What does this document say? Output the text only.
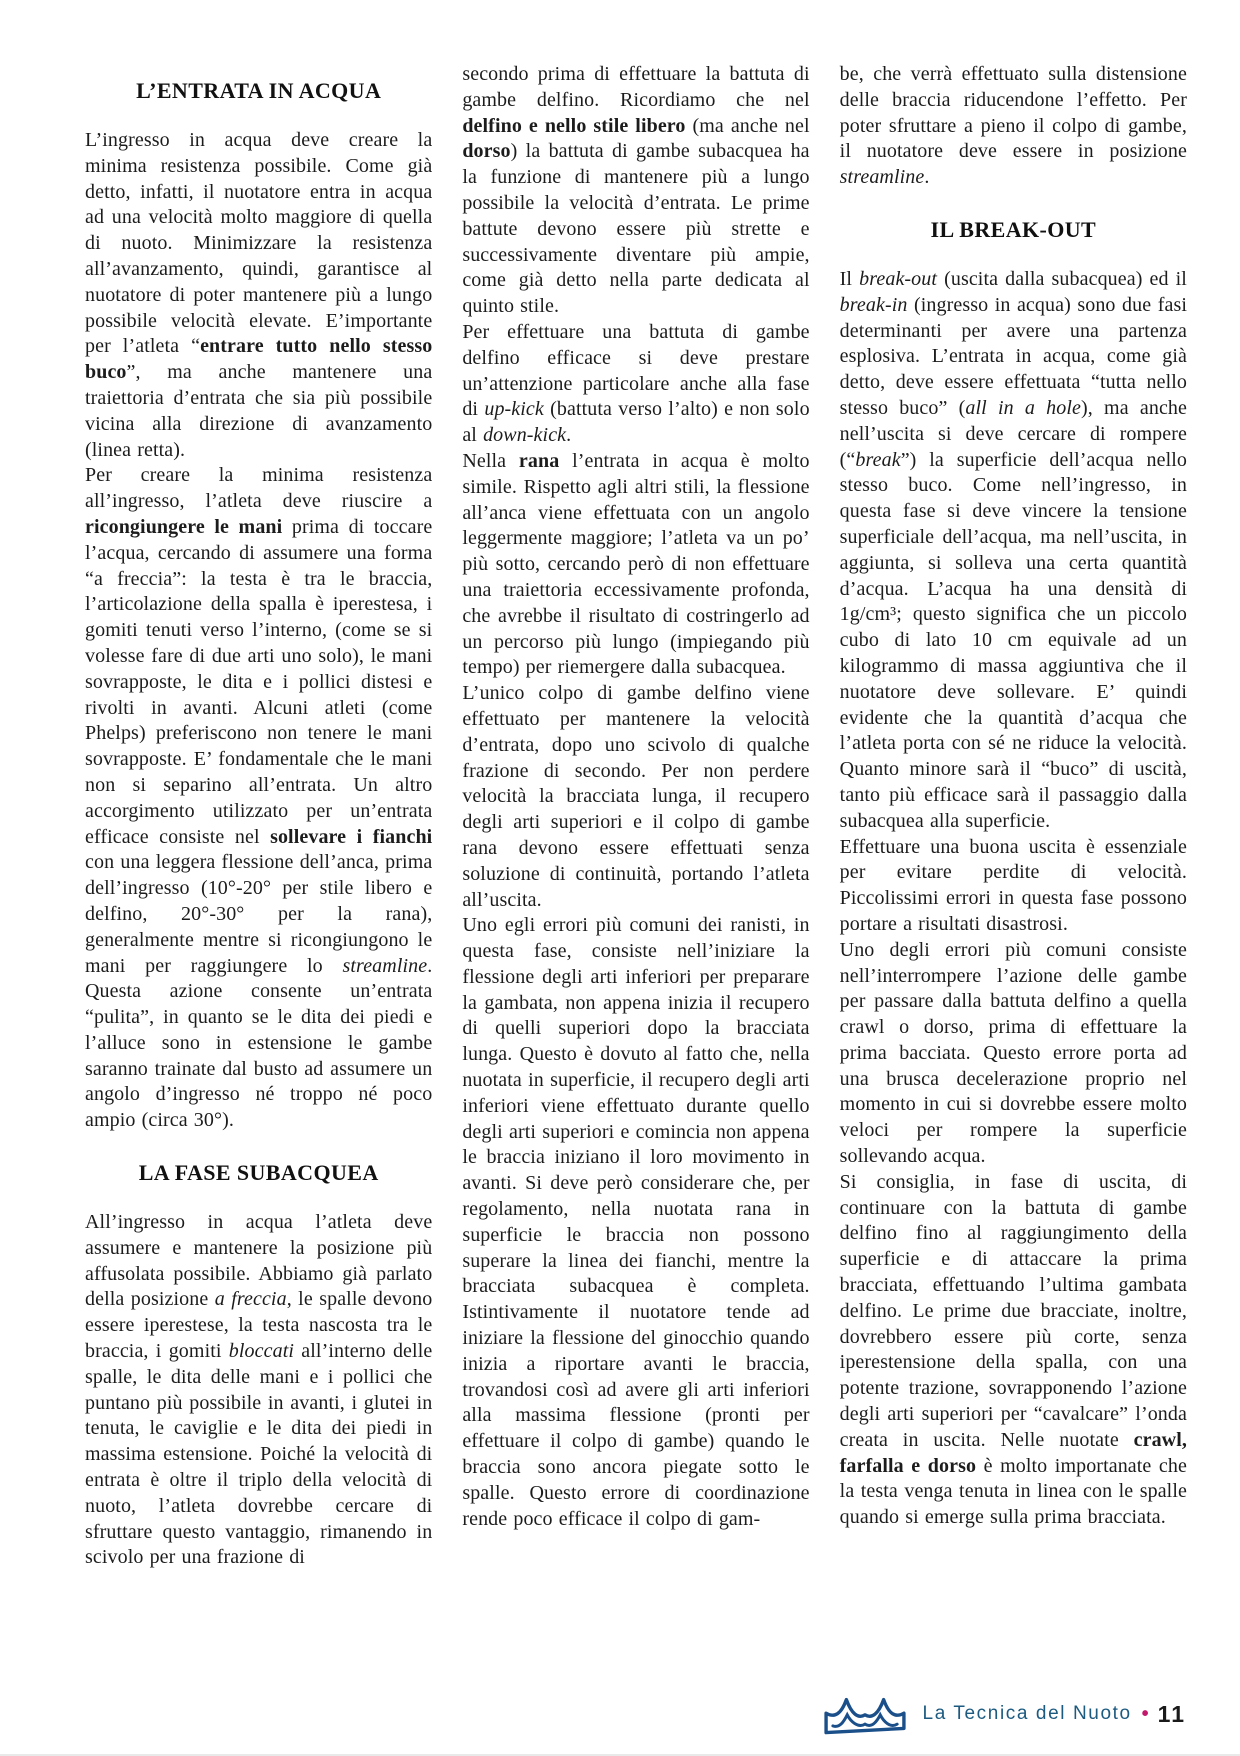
L’ENTRATA IN ACQUA

L’ingresso in acqua deve creare la minima resistenza possibile. Come già detto, infatti, il nuotatore entra in acqua ad una velocità molto maggiore di quella di nuoto. Minimizzare la resistenza all’avanzamento, quindi, garantisce al nuotatore di poter mantenere più a lungo possibile velocità elevate. E’importante per l’atleta “entrare tutto nello stesso buco”, ma anche mantenere una traiettoria d’entrata che sia più possibile vicina alla direzione di avanzamento (linea retta).

Per creare la minima resistenza all’ingresso, l’atleta deve riuscire a ricongiungere le mani prima di toccare l’acqua, cercando di assumere una forma “a freccia”: la testa è tra le braccia, l’articolazione della spalla è iperestesa, i gomiti tenuti verso l’interno, (come se si volesse fare di due arti uno solo), le mani sovrapposte, le dita e i pollici distesi e rivolti in avanti. Alcuni atleti (come Phelps) preferiscono non tenere le mani sovrapposte. E’ fondamentale che le mani non si separino all’entrata. Un altro accorgimento utilizzato per un’entrata efficace consiste nel sollevare i fianchi con una leggera flessione dell’anca, prima dell’ingresso (10°-20° per stile libero e delfino, 20°-30° per la rana), generalmente mentre si ricongiungono le mani per raggiungere lo streamline. Questa azione consente un’entrata “pulita”, in quanto se le dita dei piedi e l’alluce sono in estensione le gambe saranno trainate dal busto ad assumere un angolo d’ingresso né troppo né poco ampio (circa 30°).

LA FASE SUBACQUEA

All’ingresso in acqua l’atleta deve assumere e mantenere la posizione più affusolata possibile. Abbiamo già parlato della posizione a freccia, le spalle devono essere iperestese, la testa nascosta tra le braccia, i gomiti bloccati all’interno delle spalle, le dita delle mani e i pollici che puntano più possibile in avanti, i glutei in tenuta, le caviglie e le dita dei piedi in massima estensione. Poiché la velocità di entrata è oltre il triplo della velocità di nuoto, l’atleta dovrebbe cercare di sfruttare questo vantaggio, rimanendo in scivolo per una frazione di

secondo prima di effettuare la battuta di gambe delfino. Ricordiamo che nel delfino e nello stile libero (ma anche nel dorso) la battuta di gambe subacquea ha la funzione di mantenere più a lungo possibile la velocità d’entrata. Le prime battute devono essere più strette e successivamente diventare più ampie, come già detto nella parte dedicata al quinto stile.

Per effettuare una battuta di gambe delfino efficace si deve prestare un’attenzione particolare anche alla fase di up-kick (battuta verso l’alto) e non solo al down-kick.

Nella rana l’entrata in acqua è molto simile. Rispetto agli altri stili, la flessione all’anca viene effettuata con un angolo leggermente maggiore; l’atleta va un po’ più sotto, cercando però di non effettuare una traiettoria eccessivamente profonda, che avrebbe il risultato di costringerlo ad un percorso più lungo (impiegando più tempo) per riemergere dalla subacquea.

L’unico colpo di gambe delfino viene effettuato per mantenere la velocità d’entrata, dopo uno scivolo di qualche frazione di secondo. Per non perdere velocità la bracciata lunga, il recupero degli arti superiori e il colpo di gambe rana devono essere effettuati senza soluzione di continuità, portando l’atleta all’uscita.

Uno egli errori più comuni dei ranisti, in questa fase, consiste nell’iniziare la flessione degli arti inferiori per preparare la gambata, non appena inizia il recupero di quelli superiori dopo la bracciata lunga. Questo è dovuto al fatto che, nella nuotata in superficie, il recupero degli arti inferiori viene effettuato durante quello degli arti superiori e comincia non appena le braccia iniziano il loro movimento in avanti. Si deve però considerare che, per regolamento, nella nuotata rana in superficie le braccia non possono superare la linea dei fianchi, mentre la bracciata subacquea è completa. Istintivamente il nuotatore tende ad iniziare la flessione del ginocchio quando inizia a riportare avanti le braccia, trovandosi così ad avere gli arti inferiori alla massima flessione (pronti per effettuare il colpo di gambe) quando le braccia sono ancora piegate sotto le spalle. Questo errore di coordinazione rende poco efficace il colpo di gam-

be, che verrà effettuato sulla distensione delle braccia riducendone l’effetto. Per poter sfruttare a pieno il colpo di gambe, il nuotatore deve essere in posizione streamline.

IL BREAK-OUT

Il break-out (uscita dalla subacquea) ed il break-in (ingresso in acqua) sono due fasi determinanti per avere una partenza esplosiva. L’entrata in acqua, come già detto, deve essere effettuata “tutta nello stesso buco” (all in a hole), ma anche nell’uscita si deve cercare di rompere (“break”) la superficie dell’acqua nello stesso buco. Come nell’ingresso, in questa fase si deve vincere la tensione superficiale dell’acqua, ma nell’uscita, in aggiunta, si solleva una certa quantità d’acqua. L’acqua ha una densità di 1g/cm³; questo significa che un piccolo cubo di lato 10 cm equivale ad un kilogrammo di massa aggiuntiva che il nuotatore deve sollevare. E’ quindi evidente che la quantità d’acqua che l’atleta porta con sé ne riduce la velocità. Quanto minore sarà il “buco” di uscità, tanto più efficace sarà il passaggio dalla subacquea alla superficie.

Effettuare una buona uscita è essenziale per evitare perdite di velocità. Piccolissimi errori in questa fase possono portare a risultati disastrosi.

Uno degli errori più comuni consiste nell’interrompere l’azione delle gambe per passare dalla battuta delfino a quella crawl o dorso, prima di effettuare la prima bacciata. Questo errore porta ad una brusca decelerazione proprio nel momento in cui si dovrebbe essere molto veloci per rompere la superficie sollevando acqua.

Si consiglia, in fase di uscita, di continuare con la battuta di gambe delfino fino al raggiungimento della superficie e di attaccare la prima bracciata, effettuando l’ultima gambata delfino. Le prime due bracciate, inoltre, dovrebbero essere più corte, senza iperestensione della spalla, con una potente trazione, sovrapponendo l’azione degli arti superiori per “cavalcare” l’onda creata in uscita. Nelle nuotate crawl, farfalla e dorso è molto importanate che la testa venga tenuta in linea con le spalle quando si emerge sulla prima bracciata.

La Tecnica del Nuoto • 11
